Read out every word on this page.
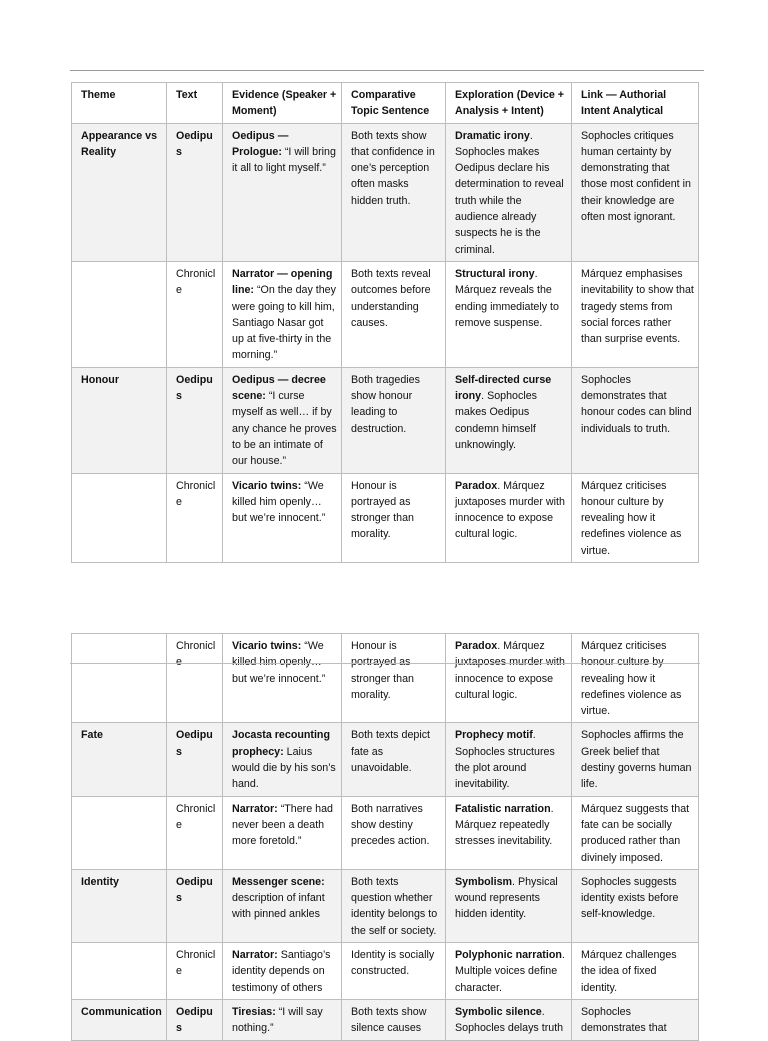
Theme	Text	Evidence (Speaker + Moment)	Comparative Topic Sentence	Exploration (Device + Analysis + Intent)	Link — Authorial Intent Analytical
Appearance vs Reality	Oedipus	Oedipus — Prologue: “I will bring it all to light myself.”	Both texts show that confidence in one’s perception often masks hidden truth.	Dramatic irony. Sophocles makes Oedipus declare his determination to reveal truth while the audience already suspects he is the criminal.	Sophocles critiques human certainty by demonstrating that those most confident in their knowledge are often most ignorant.
	Chronicle	Narrator — opening line: “On the day they were going to kill him, Santiago Nasar got up at five-thirty in the morning.”	Both texts reveal outcomes before understanding causes.	Structural irony. Márquez reveals the ending immediately to remove suspense.	Márquez emphasises inevitability to show that tragedy stems from social forces rather than surprise events.
Honour	Oedipus	Oedipus — decree scene: “I curse myself as well… if by any chance he proves to be an intimate of our house.”	Both tragedies show honour leading to destruction.	Self-directed curse irony. Sophocles makes Oedipus condemn himself unknowingly.	Sophocles demonstrates that honour codes can blind individuals to truth.
	Chronicle	Vicario twins: “We killed him openly… but we’re innocent.”	Honour is portrayed as stronger than morality.	Paradox. Márquez juxtaposes murder with innocence to expose cultural logic.	Márquez criticises honour culture by revealing how it redefines violence as virtue.
	Chronicle	Vicario twins: “We killed him openly… but we’re innocent.”	Honour is portrayed as stronger than morality.	Paradox. Márquez juxtaposes murder with innocence to expose cultural logic.	Márquez criticises honour culture by revealing how it redefines violence as virtue.
Fate	Oedipus	Jocasta recounting prophecy: Laius would die by his son’s hand.	Both texts depict fate as unavoidable.	Prophecy motif. Sophocles structures the plot around inevitability.	Sophocles affirms the Greek belief that destiny governs human life.
	Chronicle	Narrator: “There had never been a death more foretold.”	Both narratives show destiny precedes action.	Fatalistic narration. Márquez repeatedly stresses inevitability.	Márquez suggests that fate can be socially produced rather than divinely imposed.
Identity	Oedipus	Messenger scene: description of infant with pinned ankles	Both texts question whether identity belongs to the self or society.	Symbolism. Physical wound represents hidden identity.	Sophocles suggests identity exists before self-knowledge.
	Chronicle	Narrator: Santiago’s identity depends on testimony of others	Identity is socially constructed.	Polyphonic narration. Multiple voices define character.	Márquez challenges the idea of fixed identity.
Communication	Oedipus	Tiresias: “I will say nothing.”	Both texts show silence causes	Symbolic silence. Sophocles delays truth	Sophocles demonstrates that
